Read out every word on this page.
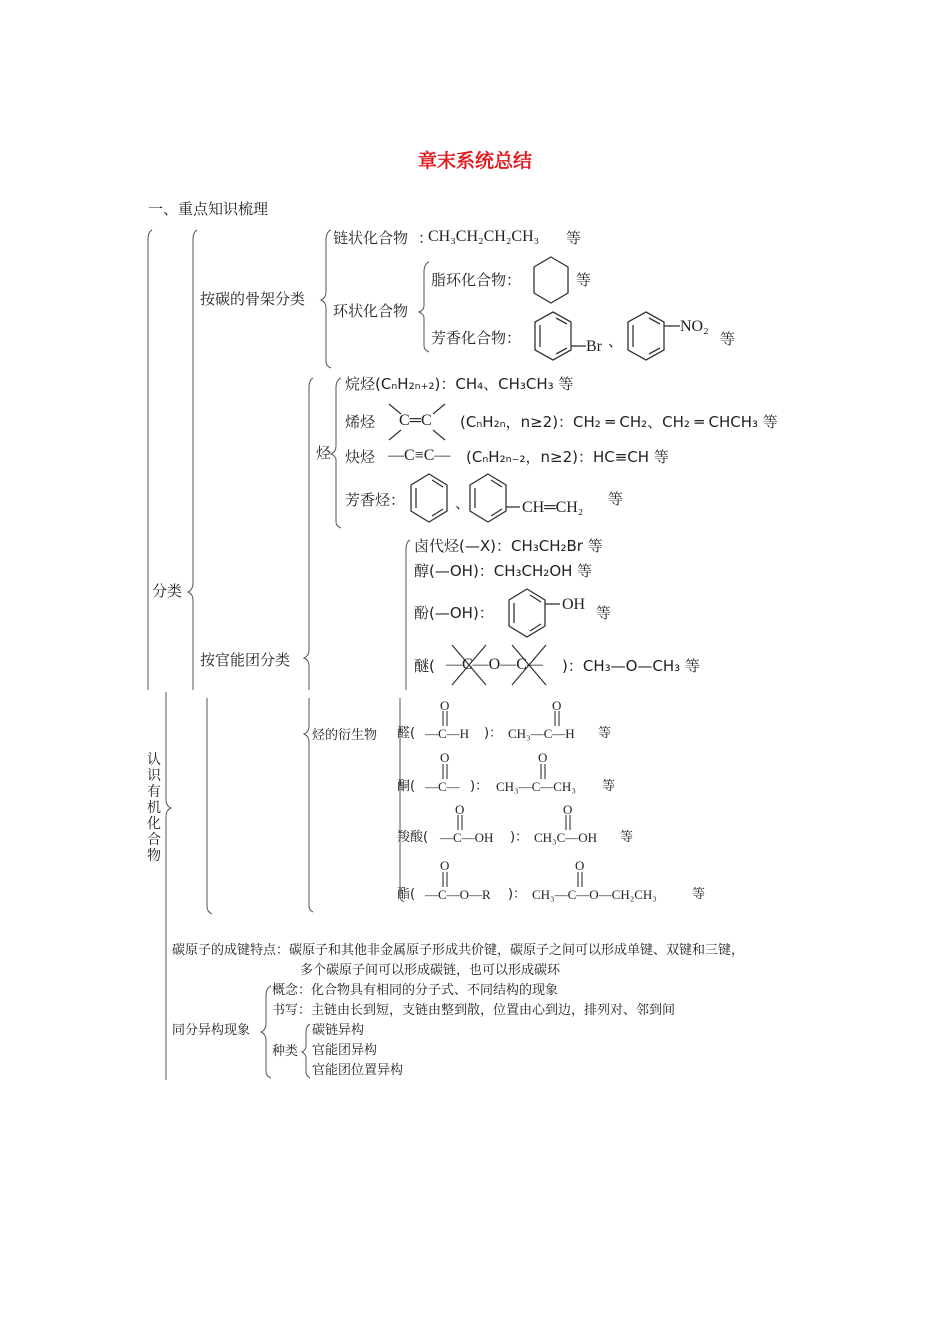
章末系统总结
一、重点知识梳理
分类
按碳的骨架分类
链状化合物 ：
CH₃CH₂CH₂CH₃ 等
环状化合物
脂环化合物：	等
芳香化合物：	Br 、
NO₂
等
烃
烷烃(CₙH₂ₙ₊₂)：CH₄、CH₃CH₃ 等
烯烃 C═C (CₙH₂ₙ，n≥2)：CH₂ ═ CH₂、CH₂ ═ CHCH₃ 等
炔烃 —C≡C— (CₙH₂ₙ₋₂，n≥2)：HC≡CH 等
芳香烃：	、	CH═CH₂ 等
按官能团分类
卤代烃(—X)：CH₃CH₂Br 等
醇(—OH)：CH₃CH₂OH 等
酚(—OH)：	OH 等
醚( —C—O—C— )：CH₃—O—CH₃ 等
认
识
有
机
化
合
物
烃的衍生物
O	O
醛( —C—H )： CH₃—C—H 等
O	O
酮( —C— )： CH₃—C—CH₃ 等
O	O
羧酸( —C—OH )： CH₃C—OH 等
O	O
酯( —C—O—R )： CH₃—C—O—CH₂CH₃	等
碳原子的成键特点：碳原子和其他非金属原子形成共价键，碳原子之间可以形成单键、双键和三键，
多个碳原子间可以形成碳链，也可以形成碳环
同分异构现象
概念：化合物具有相同的分子式、不同结构的现象
书写：主链由长到短，支链由整到散，位置由心到边，排列对、邻到间
种类
碳链异构
官能团异构
官能团位置异构
